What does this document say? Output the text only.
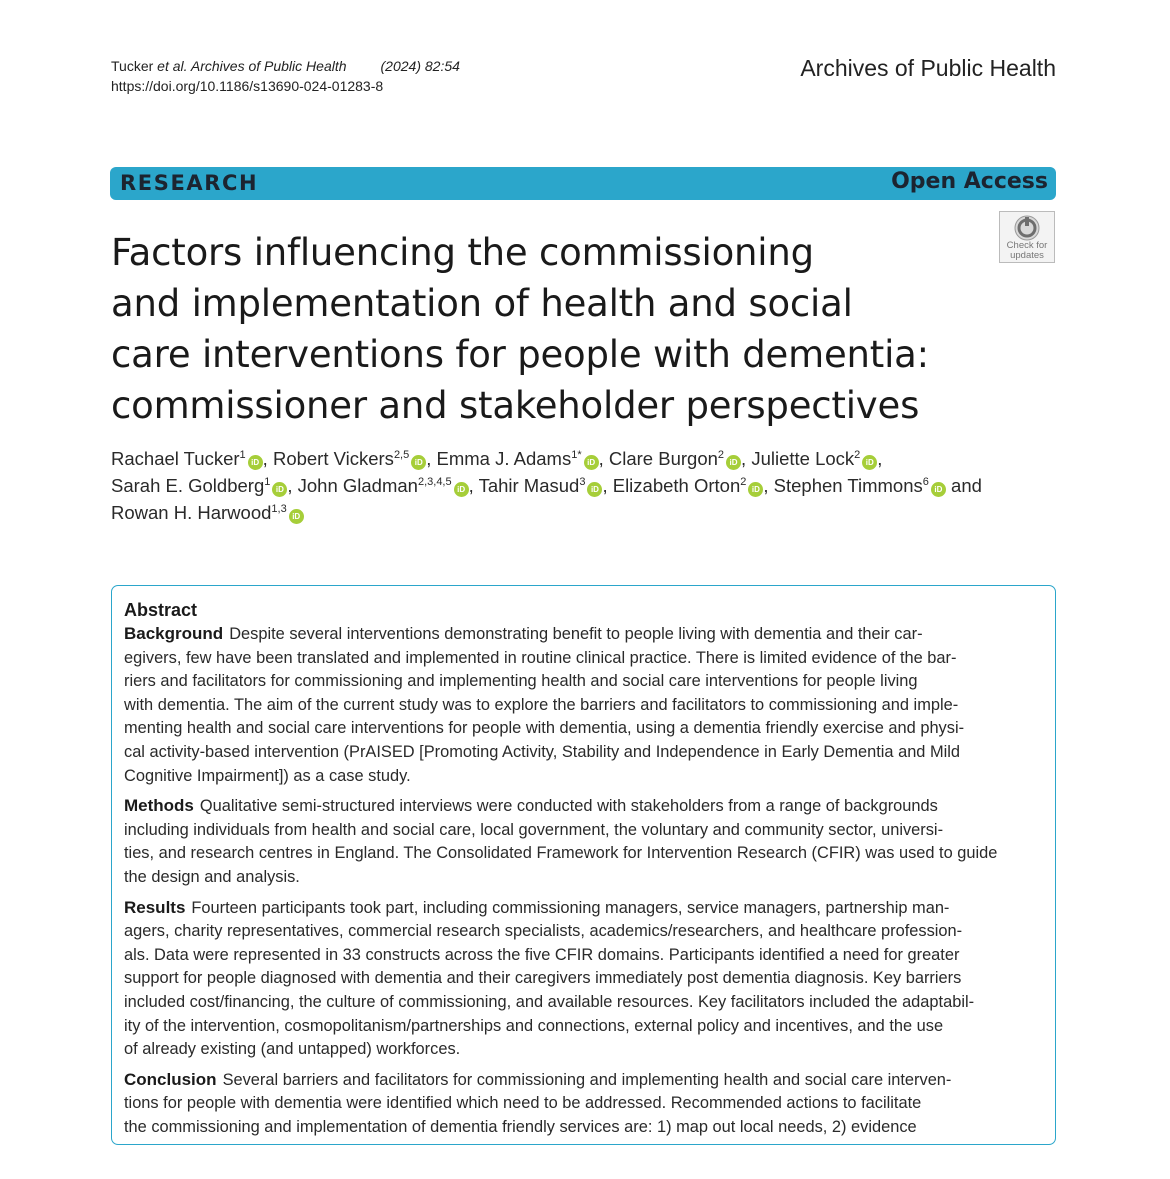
Tucker et al. Archives of Public Health (2024) 82:54
https://doi.org/10.1186/s13690-024-01283-8
Archives of Public Health
RESEARCH	Open Access
Check for
updates
Factors influencing the commissioning
and implementation of health and social
care interventions for people with dementia:
commissioner and stakeholder perspectives
Rachael Tucker$^1$iD , Robert Vickers$^{2,5}$iD , Emma J. Adams$^{1*}$iD , Clare Burgon$^2$iD , Juliette Lock$^2$iD ,
Sarah E. Goldberg$^1$iD , John Gladman$^{2,3,4,5}$iD , Tahir Masud$^3$iD , Elizabeth Orton$^2$iD , Stephen Timmons$^6$iD and
Rowan H. Harwood$^{1,3}$iD
Abstract
Background Despite several interventions demonstrating benefit to people living with dementia and their car-
egivers, few have been translated and implemented in routine clinical practice. There is limited evidence of the bar-
riers and facilitators for commissioning and implementing health and social care interventions for people living
with dementia. The aim of the current study was to explore the barriers and facilitators to commissioning and imple-
menting health and social care interventions for people with dementia, using a dementia friendly exercise and physi-
cal activity-based intervention (PrAISED [Promoting Activity, Stability and Independence in Early Dementia and Mild
Cognitive Impairment]) as a case study.
Methods Qualitative semi-structured interviews were conducted with stakeholders from a range of backgrounds
including individuals from health and social care, local government, the voluntary and community sector, universi-
ties, and research centres in England. The Consolidated Framework for Intervention Research (CFIR) was used to guide
the design and analysis.
Results Fourteen participants took part, including commissioning managers, service managers, partnership man-
agers, charity representatives, commercial research specialists, academics/researchers, and healthcare profession-
als. Data were represented in 33 constructs across the five CFIR domains. Participants identified a need for greater
support for people diagnosed with dementia and their caregivers immediately post dementia diagnosis. Key barriers
included cost/financing, the culture of commissioning, and available resources. Key facilitators included the adaptabil-
ity of the intervention, cosmopolitanism/partnerships and connections, external policy and incentives, and the use
of already existing (and untapped) workforces.
Conclusion Several barriers and facilitators for commissioning and implementing health and social care interven-
tions for people with dementia were identified which need to be addressed. Recommended actions to facilitate
the commissioning and implementation of dementia friendly services are: 1) map out local needs, 2) evidence
